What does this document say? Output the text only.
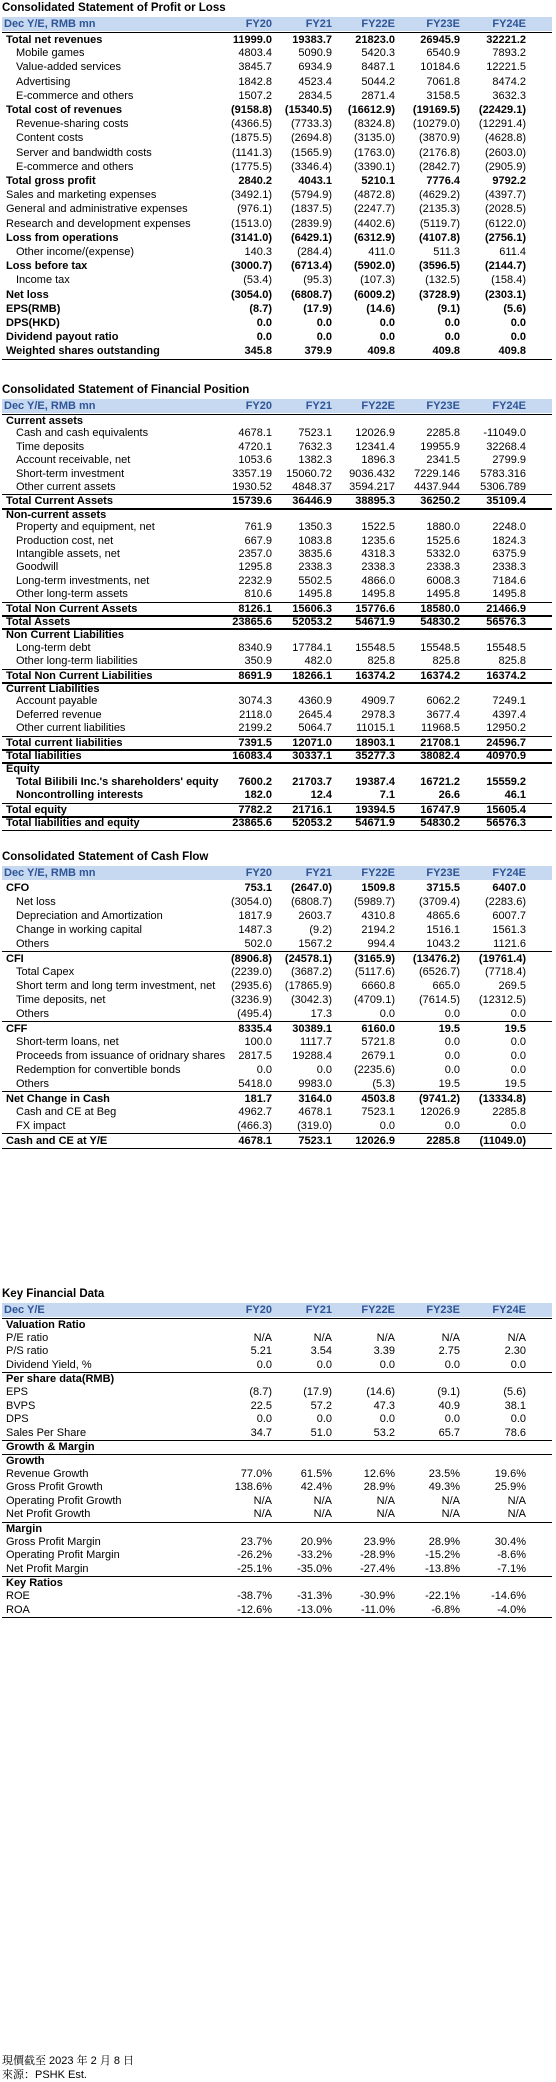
Consolidated Statement of Profit or Loss
Dec Y/E, RMB mn	FY20	FY21	FY22E	FY23E	FY24E
Total net revenues	11999.0	19383.7	21823.0	26945.9	32221.2
Mobile games	4803.4	5090.9	5420.3	6540.9	7893.2
Value-added services	3845.7	6934.9	8487.1	10184.6	12221.5
Advertising	1842.8	4523.4	5044.2	7061.8	8474.2
E-commerce and others	1507.2	2834.5	2871.4	3158.5	3632.3
Total cost of revenues	(9158.8)	(15340.5)	(16612.9)	(19169.5)	(22429.1)
Revenue-sharing costs	(4366.5)	(7733.3)	(8324.8)	(10279.0)	(12291.4)
Content costs	(1875.5)	(2694.8)	(3135.0)	(3870.9)	(4628.8)
Server and bandwidth costs	(1141.3)	(1565.9)	(1763.0)	(2176.8)	(2603.0)
E-commerce and others	(1775.5)	(3346.4)	(3390.1)	(2842.7)	(2905.9)
Total gross profit	2840.2	4043.1	5210.1	7776.4	9792.2
Sales and marketing expenses	(3492.1)	(5794.9)	(4872.8)	(4629.2)	(4397.7)
General and administrative expenses	(976.1)	(1837.5)	(2247.7)	(2135.3)	(2028.5)
Research and development expenses	(1513.0)	(2839.9)	(4402.6)	(5119.7)	(6122.0)
Loss from operations	(3141.0)	(6429.1)	(6312.9)	(4107.8)	(2756.1)
Other income/(expense)	140.3	(284.4)	411.0	511.3	611.4
Loss before tax	(3000.7)	(6713.4)	(5902.0)	(3596.5)	(2144.7)
Income tax	(53.4)	(95.3)	(107.3)	(132.5)	(158.4)
Net loss	(3054.0)	(6808.7)	(6009.2)	(3728.9)	(2303.1)
EPS(RMB)	(8.7)	(17.9)	(14.6)	(9.1)	(5.6)
DPS(HKD)	0.0	0.0	0.0	0.0	0.0
Dividend payout ratio	0.0	0.0	0.0	0.0	0.0
Weighted shares outstanding	345.8	379.9	409.8	409.8	409.8
Consolidated Statement of Financial Position
Dec Y/E, RMB mn	FY20	FY21	FY22E	FY23E	FY24E
Current assets
Cash and cash equivalents	4678.1	7523.1	12026.9	2285.8	-11049.0
Time deposits	4720.1	7632.3	12341.4	19955.9	32268.4
Account receivable, net	1053.6	1382.3	1896.3	2341.5	2799.9
Short-term investment	3357.19	15060.72	9036.432	7229.146	5783.316
Other current assets	1930.52	4848.37	3594.217	4437.944	5306.789
Total Current Assets	15739.6	36446.9	38895.3	36250.2	35109.4
Non-current assets
Property and equipment, net	761.9	1350.3	1522.5	1880.0	2248.0
Production cost, net	667.9	1083.8	1235.6	1525.6	1824.3
Intangible assets, net	2357.0	3835.6	4318.3	5332.0	6375.9
Goodwill	1295.8	2338.3	2338.3	2338.3	2338.3
Long-term investments, net	2232.9	5502.5	4866.0	6008.3	7184.6
Other long-term assets	810.6	1495.8	1495.8	1495.8	1495.8
Total Non Current Assets	8126.1	15606.3	15776.6	18580.0	21466.9
Total Assets	23865.6	52053.2	54671.9	54830.2	56576.3
Non Current Liabilities
Long-term debt	8340.9	17784.1	15548.5	15548.5	15548.5
Other long-term liabilities	350.9	482.0	825.8	825.8	825.8
Total Non Current Liabilities	8691.9	18266.1	16374.2	16374.2	16374.2
Current Liabilities
Account payable	3074.3	4360.9	4909.7	6062.2	7249.1
Deferred revenue	2118.0	2645.4	2978.3	3677.4	4397.4
Other current liabilities	2199.2	5064.7	11015.1	11968.5	12950.2
Total current liabilities	7391.5	12071.0	18903.1	21708.1	24596.7
Total liabilities	16083.4	30337.1	35277.3	38082.4	40970.9
Equity
Total Bilibili Inc.'s shareholders' equity	7600.2	21703.7	19387.4	16721.2	15559.2
Noncontrolling interests	182.0	12.4	7.1	26.6	46.1
Total equity	7782.2	21716.1	19394.5	16747.9	15605.4
Total liabilities and equity	23865.6	52053.2	54671.9	54830.2	56576.3
Consolidated Statement of Cash Flow
Dec Y/E, RMB mn	FY20	FY21	FY22E	FY23E	FY24E
CFO	753.1	(2647.0)	1509.8	3715.5	6407.0
Net loss	(3054.0)	(6808.7)	(5989.7)	(3709.4)	(2283.6)
Depreciation and Amortization	1817.9	2603.7	4310.8	4865.6	6007.7
Change in working capital	1487.3	(9.2)	2194.2	1516.1	1561.3
Others	502.0	1567.2	994.4	1043.2	1121.6
CFI	(8906.8)	(24578.1)	(3165.9)	(13476.2)	(19761.4)
Total Capex	(2239.0)	(3687.2)	(5117.6)	(6526.7)	(7718.4)
Short term and long term investment, net	(2935.6)	(17865.9)	6660.8	665.0	269.5
Time deposits, net	(3236.9)	(3042.3)	(4709.1)	(7614.5)	(12312.5)
Others	(495.4)	17.3	0.0	0.0	0.0
CFF	8335.4	30389.1	6160.0	19.5	19.5
Short-term loans, net	100.0	1117.7	5721.8	0.0	0.0
Proceeds from issuance of oridnary shares	2817.5	19288.4	2679.1	0.0	0.0
Redemption for convertible bonds	0.0	0.0	(2235.6)	0.0	0.0
Others	5418.0	9983.0	(5.3)	19.5	19.5
Net Change in Cash	181.7	3164.0	4503.8	(9741.2)	(13334.8)
Cash and CE at Beg	4962.7	4678.1	7523.1	12026.9	2285.8
FX impact	(466.3)	(319.0)	0.0	0.0	0.0
Cash and CE at Y/E	4678.1	7523.1	12026.9	2285.8	(11049.0)
Key Financial Data
Dec Y/E	FY20	FY21	FY22E	FY23E	FY24E
Valuation Ratio
P/E ratio	N/A	N/A	N/A	N/A	N/A
P/S ratio	5.21	3.54	3.39	2.75	2.30
Dividend Yield, %	0.0	0.0	0.0	0.0	0.0
Per share data(RMB)
EPS	(8.7)	(17.9)	(14.6)	(9.1)	(5.6)
BVPS	22.5	57.2	47.3	40.9	38.1
DPS	0.0	0.0	0.0	0.0	0.0
Sales Per Share	34.7	51.0	53.2	65.7	78.6
Growth & Margin
Growth
Revenue Growth	77.0%	61.5%	12.6%	23.5%	19.6%
Gross Profit Growth	138.6%	42.4%	28.9%	49.3%	25.9%
Operating Profit Growth	N/A	N/A	N/A	N/A	N/A
Net Profit Growth	N/A	N/A	N/A	N/A	N/A
Margin
Gross Profit Margin	23.7%	20.9%	23.9%	28.9%	30.4%
Operating Profit Margin	-26.2%	-33.2%	-28.9%	-15.2%	-8.6%
Net Profit Margin	-25.1%	-35.0%	-27.4%	-13.8%	-7.1%
Key Ratios
ROE	-38.7%	-31.3%	-30.9%	-22.1%	-14.6%
ROA	-12.6%	-13.0%	-11.0%	-6.8%	-4.0%
現價截至 2023 年 2 月 8 日
來源：PSHK Est.
